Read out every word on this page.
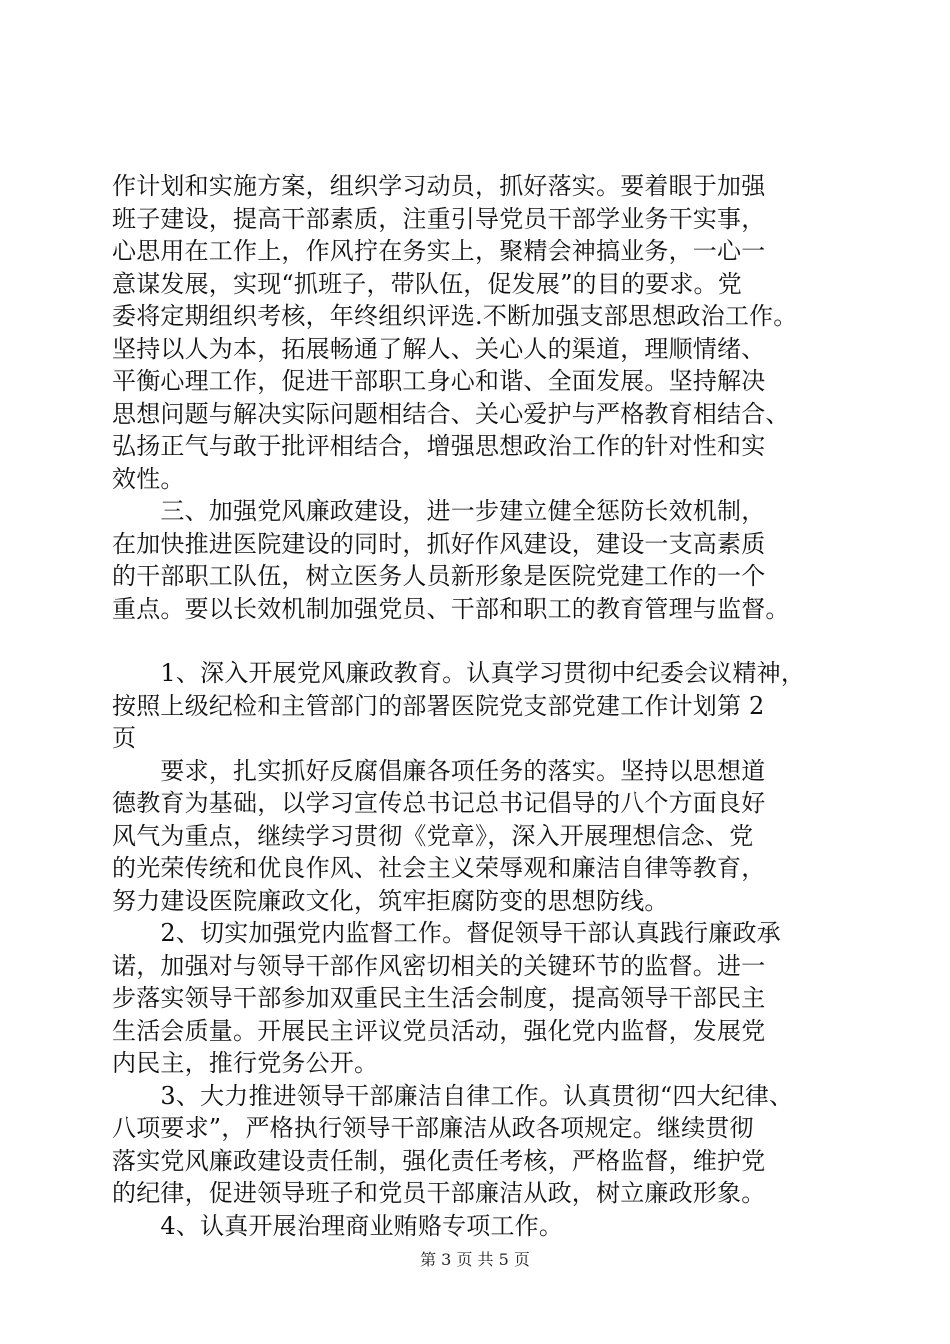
作计划和实施方案，组织学习动员，抓好落实。要着眼于加强
班子建设，提高干部素质，注重引导党员干部学业务干实事，
心思用在工作上，作风拧在务实上，聚精会神搞业务，一心一
意谋发展，实现“抓班子，带队伍，促发展”的目的要求。党
委将定期组织考核，年终组织评选.不断加强支部思想政治工作。
坚持以人为本，拓展畅通了解人、关心人的渠道，理顺情绪、
平衡心理工作，促进干部职工身心和谐、全面发展。坚持解决
思想问题与解决实际问题相结合、关心爱护与严格教育相结合、
弘扬正气与敢于批评相结合，增强思想政治工作的针对性和实
效性。

　　三、加强党风廉政建设，进一步建立健全惩防长效机制，
在加快推进医院建设的同时，抓好作风建设，建设一支高素质
的干部职工队伍，树立医务人员新形象是医院党建工作的一个
重点。要以长效机制加强党员、干部和职工的教育管理与监督。

　　1、深入开展党风廉政教育。认真学习贯彻中纪委会议精神，
按照上级纪检和主管部门的部署医院党支部党建工作计划第 2
页

　　要求，扎实抓好反腐倡廉各项任务的落实。坚持以思想道
德教育为基础，以学习宣传总书记总书记倡导的八个方面良好
风气为重点，继续学习贯彻《党章》，深入开展理想信念、党
的光荣传统和优良作风、社会主义荣辱观和廉洁自律等教育，
努力建设医院廉政文化，筑牢拒腐防变的思想防线。

　　2、切实加强党内监督工作。督促领导干部认真践行廉政承
诺，加强对与领导干部作风密切相关的关键环节的监督。进一
步落实领导干部参加双重民主生活会制度，提高领导干部民主
生活会质量。开展民主评议党员活动，强化党内监督，发展党
内民主，推行党务公开。

　　3、大力推进领导干部廉洁自律工作。认真贯彻“四大纪律、
八项要求”，严格执行领导干部廉洁从政各项规定。继续贯彻
落实党风廉政建设责任制，强化责任考核，严格监督，维护党
的纪律，促进领导班子和党员干部廉洁从政，树立廉政形象。

　　4、认真开展治理商业贿赂专项工作。

第 3 页 共 5 页
